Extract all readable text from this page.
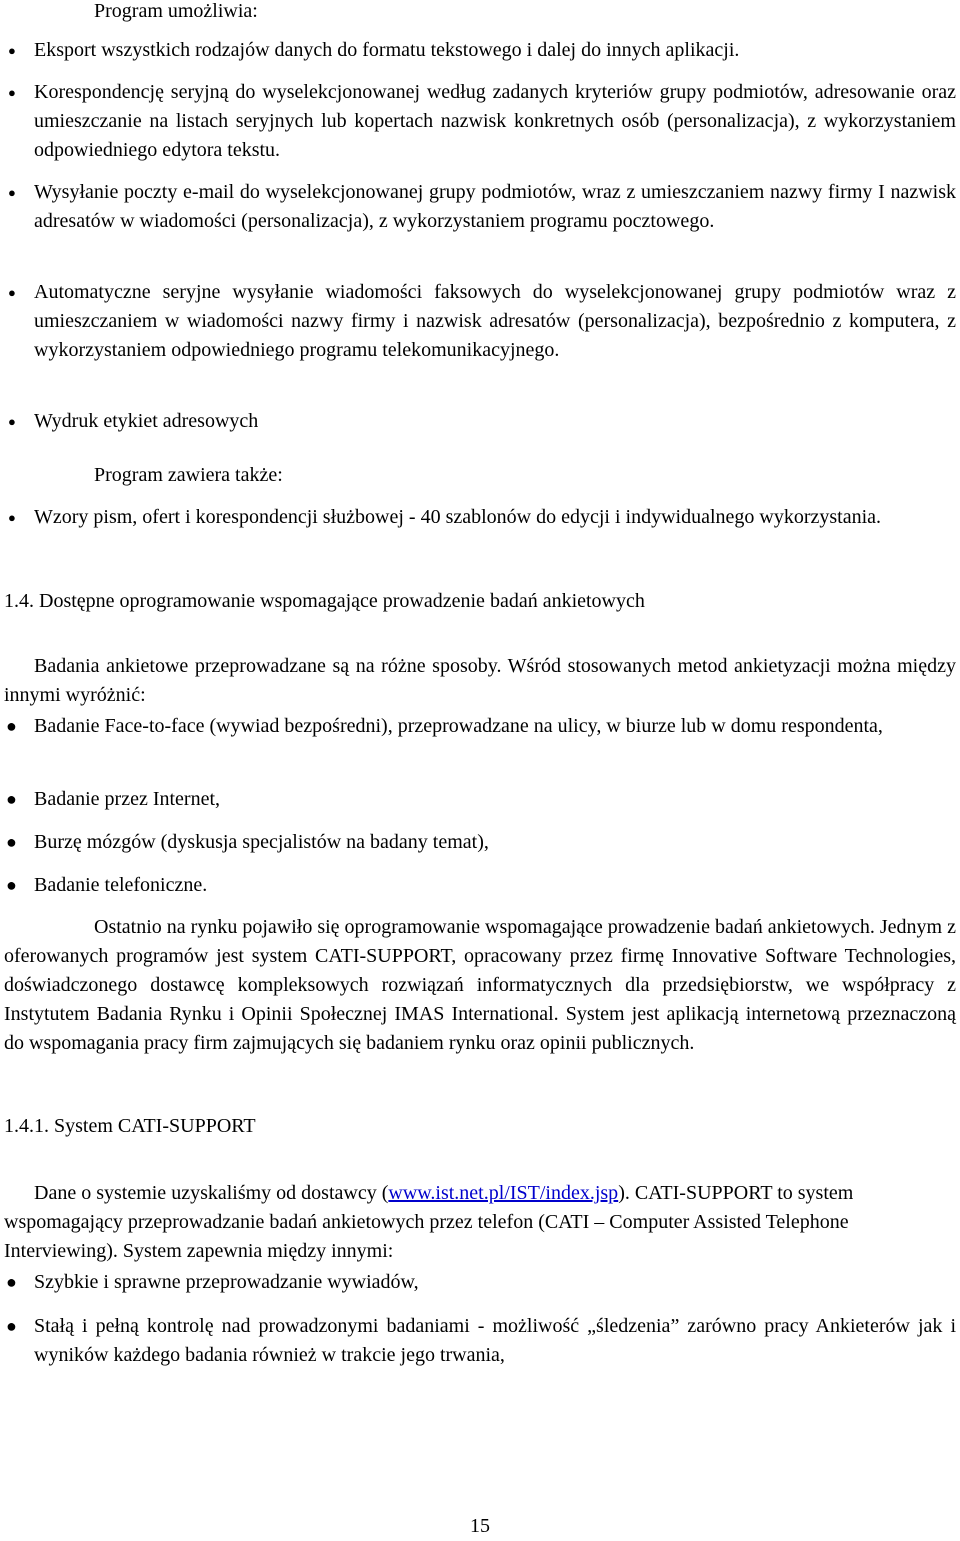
Program umożliwia:

● Eksport wszystkich rodzajów danych do formatu tekstowego i dalej do innych aplikacji.

● Korespondencję seryjną do wyselekcjonowanej według zadanych kryteriów grupy podmiotów, adresowanie oraz umieszczanie na listach seryjnych lub kopertach nazwisk konkretnych osób (personalizacja), z wykorzystaniem odpowiedniego edytora tekstu.

● Wysyłanie poczty e-mail do wyselekcjonowanej grupy podmiotów, wraz z umieszczaniem nazwy firmy I nazwisk adresatów w wiadomości (personalizacja), z wykorzystaniem programu pocztowego.

● Automatyczne seryjne wysyłanie wiadomości faksowych do wyselekcjonowanej grupy podmiotów wraz z umieszczaniem w wiadomości nazwy firmy i nazwisk adresatów (personalizacja), bezpośrednio z komputera, z wykorzystaniem odpowiedniego programu telekomunikacyjnego.

● Wydruk etykiet adresowych

Program zawiera także:

● Wzory pism, ofert i korespondencji służbowej - 40 szablonów do edycji i indywidualnego wykorzystania.

1.4. Dostępne oprogramowanie wspomagające prowadzenie badań ankietowych

Badania ankietowe przeprowadzane są na różne sposoby. Wśród stosowanych metod ankietyzacji można między innymi wyróżnić:

● Badanie Face-to-face (wywiad bezpośredni), przeprowadzane na ulicy, w biurze lub w domu respondenta,

● Badanie przez Internet,

● Burzę mózgów (dyskusja specjalistów na badany temat),

● Badanie telefoniczne.

Ostatnio na rynku pojawiło się oprogramowanie wspomagające prowadzenie badań ankietowych. Jednym z oferowanych programów jest system CATI-SUPPORT, opracowany przez firmę Innovative Software Technologies, doświadczonego dostawcę kompleksowych rozwiązań informatycznych dla przedsiębiorstw, we współpracy z Instytutem Badania Rynku i Opinii Społecznej IMAS International. System jest aplikacją internetową przeznaczoną do wspomagania pracy firm zajmujących się badaniem rynku oraz opinii publicznych.

1.4.1. System CATI-SUPPORT

Dane o systemie uzyskaliśmy od dostawcy (www.ist.net.pl/IST/index.jsp). CATI-SUPPORT to system wspomagający przeprowadzanie badań ankietowych przez telefon (CATI – Computer Assisted Telephone Interviewing). System zapewnia między innymi:

● Szybkie i sprawne przeprowadzanie wywiadów,

● Stałą i pełną kontrolę nad prowadzonymi badaniami - możliwość „śledzenia” zarówno pracy Ankieterów jak i wyników każdego badania również w trakcie jego trwania,

15
